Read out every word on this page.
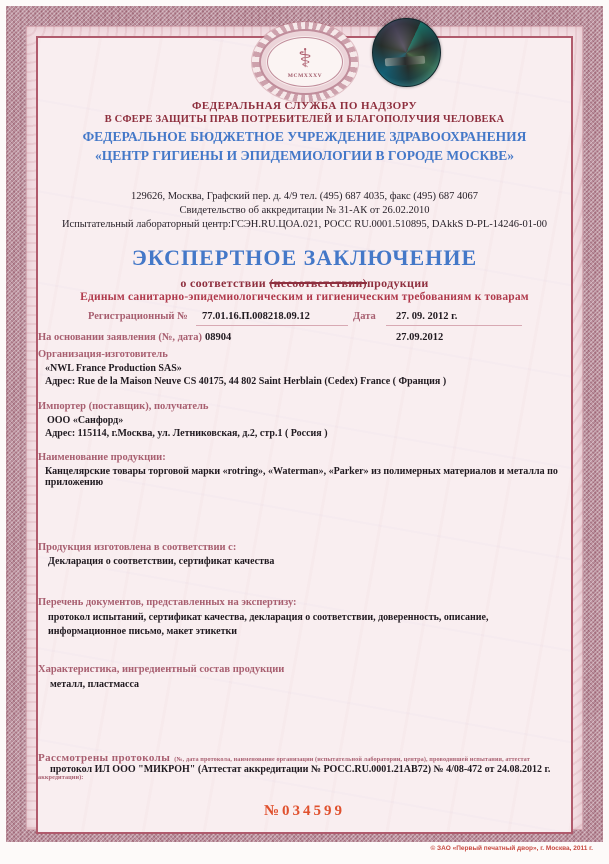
⚕
MCMXXXV
ФЕДЕРАЛЬНАЯ СЛУЖБА ПО НАДЗОРУ
В СФЕРЕ ЗАЩИТЫ ПРАВ ПОТРЕБИТЕЛЕЙ И БЛАГОПОЛУЧИЯ ЧЕЛОВЕКА
ФЕДЕРАЛЬНОЕ БЮДЖЕТНОЕ УЧРЕЖДЕНИЕ ЗДРАВООХРАНЕНИЯ
«ЦЕНТР ГИГИЕНЫ И ЭПИДЕМИОЛОГИИ В ГОРОДЕ МОСКВЕ»
129626, Москва, Графский пер. д. 4/9 тел. (495) 687 4035, факс (495) 687 4067
Свидетельство об аккредитации № 31-АК от 26.02.2010
Испытательный лабораторный центр:ГСЭН.RU.ЦОА.021, РОСС RU.0001.510895, DAkkS D-PL-14246-01-00
ЭКСПЕРТНОЕ ЗАКЛЮЧЕНИЕ
о соответствии (несоответствии)продукции
Единым санитарно-эпидемиологическим и гигиеническим требованиям к товарам
Регистрационный № 77.01.16.П.008218.09.12	Дата 27. 09. 2012 г.
На основании заявления (№, дата) 08904	27.09.2012
Организация-изготовитель
«NWL France Production SAS»
Адрес: Rue de la Maison Neuve CS 40175, 44 802 Saint Herblain (Cedex) France ( Франция )
Импортер (поставщик), получатель
ООО «Санфорд»
Адрес: 115114, г.Москва, ул. Летниковская, д.2, стр.1 ( Россия )
Наименование продукции:
Канцелярские товары торговой марки «rotring», «Waterman», «Parker» из полимерных материалов и металла по приложению
Продукция изготовлена в соответствии с:
Декларация о соответствии, сертификат качества
Перечень документов, представленных на экспертизу:
протокол испытаний, сертификат качества, декларация о соответствии, доверенность, описание, информационное письмо, макет этикетки
Характеристика, ингредиентный состав продукции
металл, пластмасса
Рассмотрены протоколы (№, дата протокола, наименование организации (испытательной лаборатории, центра), проводившей испытания, аттестат аккредитации):
протокол ИЛ ООО "МИКРОН" (Аттестат аккредитации № РОСС.RU.0001.21АВ72) № 4/08-472 от 24.08.2012 г.
№034599
© ЗАО «Первый печатный двор», г. Москва, 2011 г.
